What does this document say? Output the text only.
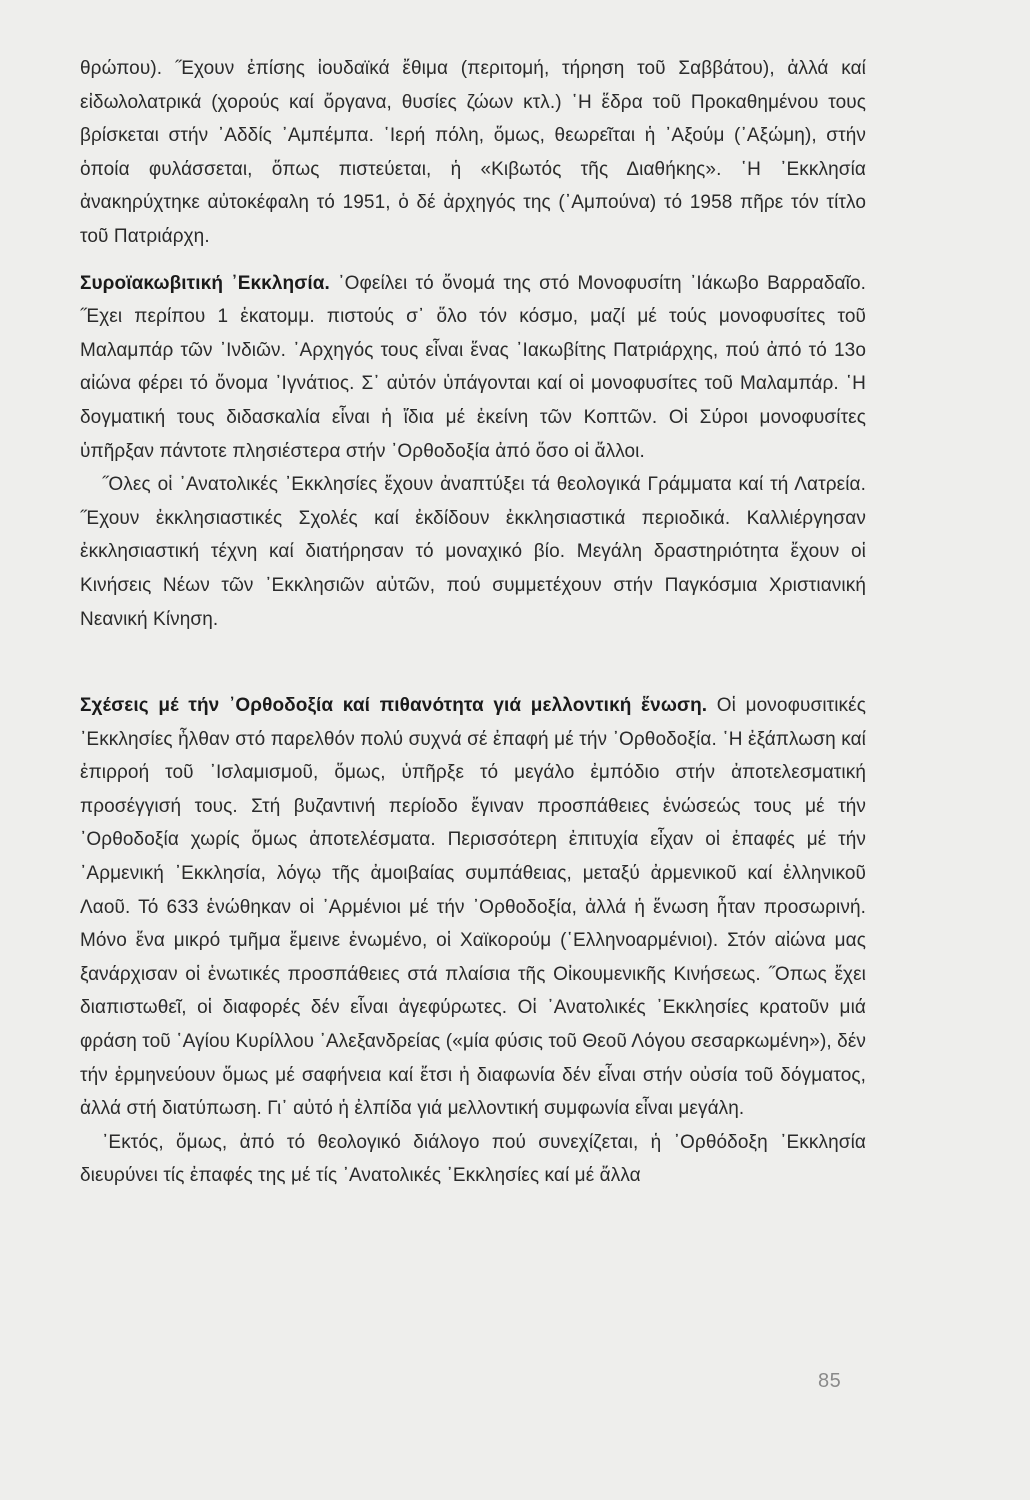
θρώπου). ˝Εχουν ἐπίσης ἰουδαϊκά ἔθιμα (περιτομή, τήρηση τοῦ Σαββάτου), ἀλλά καί εἰδωλολατρικά (χορούς καί ὄργανα, θυσίες ζώων κτλ.) ῾Η ἕδρα τοῦ Προκαθημένου τους βρίσκεται στήν ᾽Αδδίς ᾽Αμπέμπα. ῾Ιερή πόλη, ὅμως, θεωρεῖται ἡ ᾽Αξούμ (᾽Αξώμη), στήν ὁποία φυλάσσεται, ὅπως πιστεύεται, ἡ «Κιβωτός τῆς Διαθήκης». ῾Η ᾽Εκκλησία ἀνακηρύχτηκε αὐτοκέφαλη τό 1951, ὁ δέ ἀρχηγός της (᾽Αμπούνα) τό 1958 πῆρε τόν τίτλο τοῦ Πατριάρχη.

Συροϊακωβιτική ᾽Εκκλησία. ᾽Οφείλει τό ὄνομά της στό Μονοφυσίτη ᾽Ιάκωβο Βαρραδαῖο. ˝Εχει περίπου 1 ἑκατομμ. πιστούς σ᾽ ὅλο τόν κόσμο, μαζί μέ τούς μονοφυσίτες τοῦ Μαλαμπάρ τῶν ᾽Ινδιῶν. ᾽Αρχηγός τους εἶναι ἕνας ᾽Ιακωβίτης Πατριάρχης, πού ἀπό τό 13ο αἰώνα φέρει τό ὄνομα ᾽Ιγνάτιος. Σ᾽ αὐτόν ὑπάγονται καί οἱ μονοφυσίτες τοῦ Μαλαμπάρ. ῾Η δογματική τους διδασκαλία εἶναι ἡ ἴδια μέ ἐκείνη τῶν Κοπτῶν. Οἱ Σύροι μονοφυσίτες ὑπῆρξαν πάντοτε πλησιέστερα στήν ᾽Ορθοδοξία ἀπό ὅσο οἱ ἄλλοι.

˝Ολες οἱ ᾽Ανατολικές ᾽Εκκλησίες ἔχουν ἀναπτύξει τά θεολογικά Γράμματα καί τή Λατρεία. ˝Εχουν ἐκκλησιαστικές Σχολές καί ἐκδίδουν ἐκκλησιαστικά περιοδικά. Καλλιέργησαν ἐκκλησιαστική τέχνη καί διατήρησαν τό μοναχικό βίο. Μεγάλη δραστηριότητα ἔχουν οἱ Κινήσεις Νέων τῶν ᾽Εκκλησιῶν αὐτῶν, πού συμμετέχουν στήν Παγκόσμια Χριστιανική Νεανική Κίνηση.

Σχέσεις μέ τήν ᾽Ορθοδοξία καί πιθανότητα γιά μελλοντική ἕνωση. Οἱ μονοφυσιτικές ᾽Εκκλησίες ἦλθαν στό παρελθόν πολύ συχνά σέ ἐπαφή μέ τήν ᾽Ορθοδοξία. ῾Η ἐξάπλωση καί ἐπιρροή τοῦ ᾽Ισλαμισμοῦ, ὅμως, ὑπῆρξε τό μεγάλο ἐμπόδιο στήν ἀποτελεσματική προσέγγισή τους. Στή βυζαντινή περίοδο ἔγιναν προσπάθειες ἑνώσεώς τους μέ τήν ᾽Ορθοδοξία χωρίς ὅμως ἀποτελέσματα. Περισσότερη ἐπιτυχία εἶχαν οἱ ἐπαφές μέ τήν ᾽Αρμενική ᾽Εκκλησία, λόγῳ τῆς ἀμοιβαίας συμπάθειας, μεταξύ ἀρμενικοῦ καί ἑλληνικοῦ Λαοῦ. Τό 633 ἑνώθηκαν οἱ ᾽Αρμένιοι μέ τήν ᾽Ορθοδοξία, ἀλλά ἡ ἕνωση ἦταν προσωρινή. Μόνο ἕνα μικρό τμῆμα ἔμεινε ἑνωμένο, οἱ Χαϊκορούμ (῾Ελληνοαρμένιοι). Στόν αἰώνα μας ξανάρχισαν οἱ ἑνωτικές προσπάθειες στά πλαίσια τῆς Οἰκουμενικῆς Κινήσεως. ˝Οπως ἔχει διαπιστωθεῖ, οἱ διαφορές δέν εἶναι ἀγεφύρωτες. Οἱ ᾽Ανατολικές ᾽Εκκλησίες κρατοῦν μιά φράση τοῦ ῾Αγίου Κυρίλλου ᾽Αλεξανδρείας («μία φύσις τοῦ Θεοῦ Λόγου σεσαρκωμένη»), δέν τήν ἑρμηνεύουν ὅμως μέ σαφήνεια καί ἔτσι ἡ διαφωνία δέν εἶναι στήν οὐσία τοῦ δόγματος, ἀλλά στή διατύπωση. Γι᾽ αὐτό ἡ ἐλπίδα γιά μελλοντική συμφωνία εἶναι μεγάλη.

᾽Εκτός, ὅμως, ἀπό τό θεολογικό διάλογο πού συνεχίζεται, ἡ ᾽Ορθόδοξη ᾽Εκκλησία διευρύνει τίς ἐπαφές της μέ τίς ᾽Ανατολικές ᾽Εκκλησίες καί μέ ἄλλα

85
